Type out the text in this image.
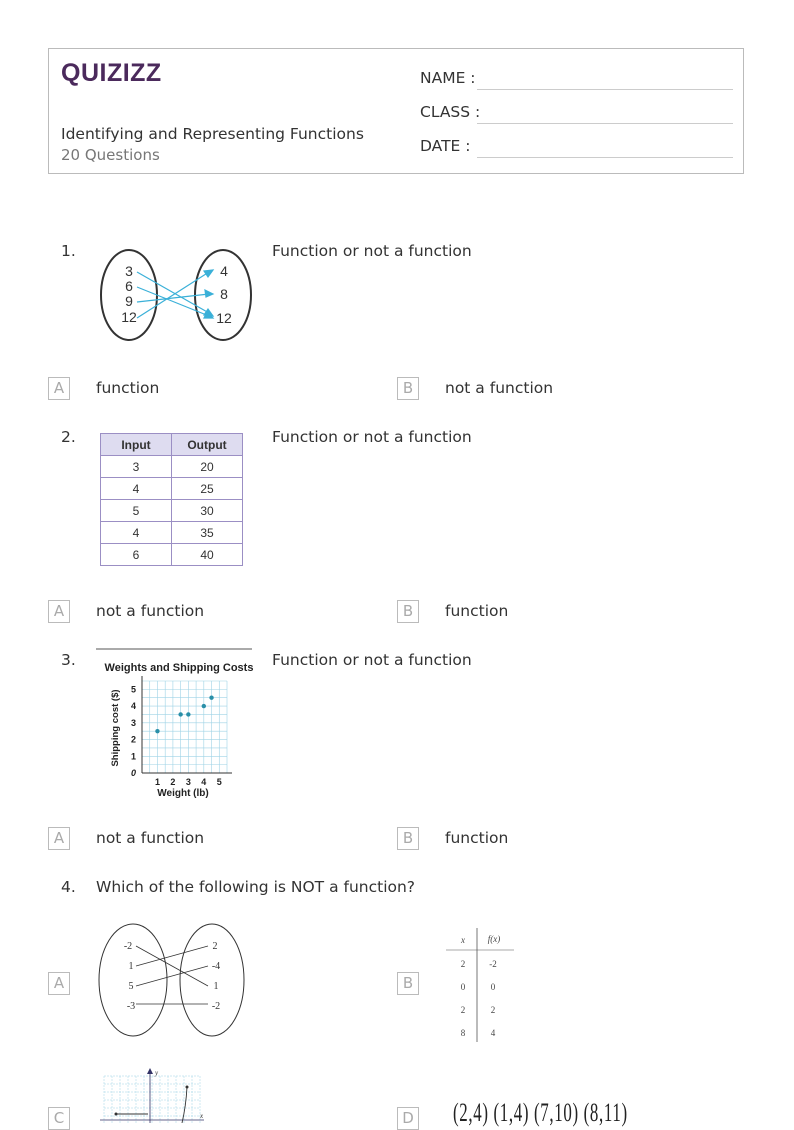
QUIZIZZ
Identifying and Representing Functions
20 Questions
NAME :
CLASS :
DATE :
1.
3
6
9
12
4
8
12
Function or not a function
A	function	B	not a function
2.	Input	Output
3	20
4	25
5	30
4	35
6	40
Function or not a function
A	not a function	B	function
3.	Weights and Shipping Costs
1 2 3 4 5
1
2
3
4
5
0
Weight (lb)
Shipping cost ($)
Function or not a function
A	not a function	B	function
4. Which of the following is NOT a function?
A
-2
1
5
-3
2
-4
1
-2
B
x	f(x)
2	-2
0	0
2	2
8	4
C
y
x	D (2,4) (1,4) (7,10) (8,11)
